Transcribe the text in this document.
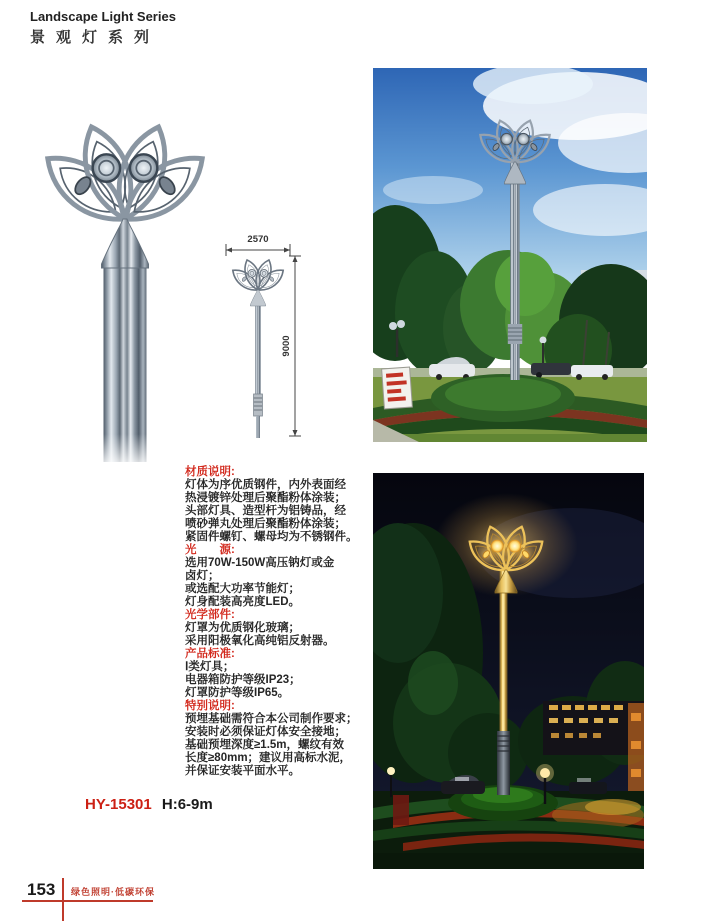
Landscape Light Series
景观灯系列
2570
9000
材质说明:
灯体为序优质钢件，内外表面经
热浸镀锌处理后聚酯粉体涂装；
头部灯具、造型杆为铝铸品，经
喷砂弹丸处理后聚酯粉体涂装；
紧固件螺钉、螺母均为不锈钢件。
光　　源:
选用70W-150W高压钠灯或金
卤灯；
或选配大功率节能灯；
灯身配装高亮度LED。
光学部件:
灯罩为优质钢化玻璃；
采用阳极氧化高纯铝反射器。
产品标准:
Ⅰ类灯具；
电器箱防护等级IP23；
灯罩防护等级IP65。
特别说明:
预埋基础需符合本公司制作要求；
安装时必须保证灯体安全接地；
基础预埋深度≥1.5m，螺纹有效
长度≥80mm；建议用高标水泥，
并保证安装平面水平。
HY-15301 H:6-9m
153 绿色照明·低碳环保
